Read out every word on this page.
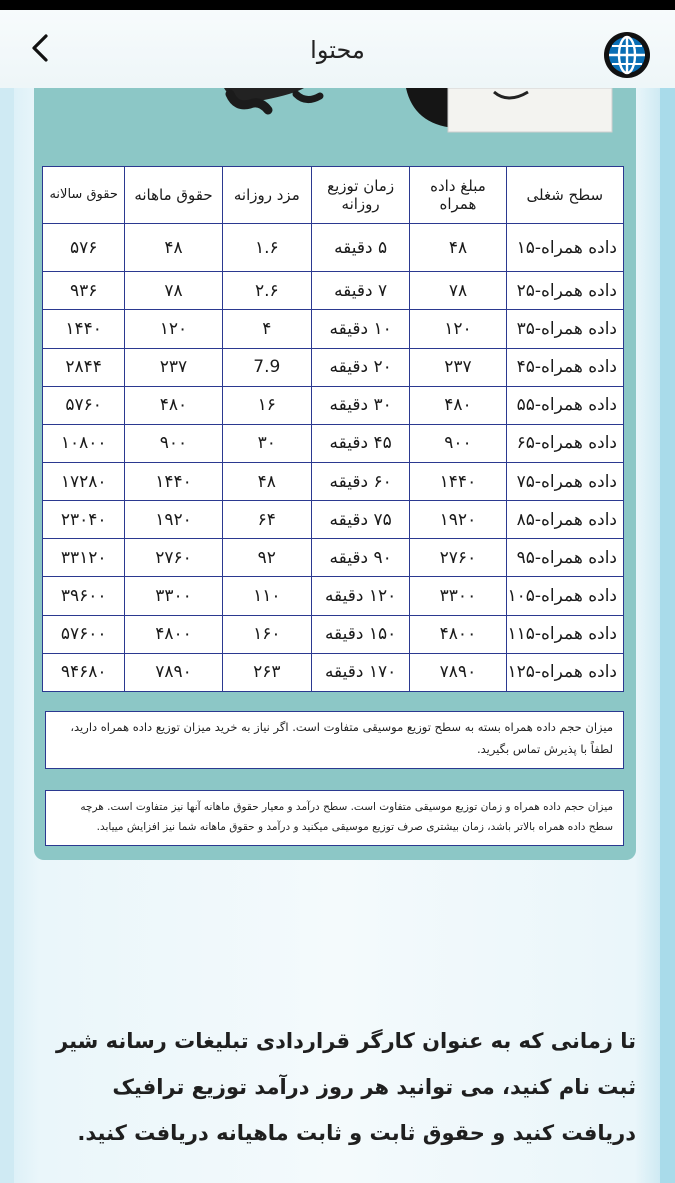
محتوا
سطح شغلی	مبلغ داده همراه	زمان توزیع روزانه	مزد روزانه	حقوق ماهانه	حقوق سالانه
داده همراه-۱۵	۴۸	۵ دقیقه	۱.۶	۴۸	۵۷۶
داده همراه-۲۵	۷۸	۷ دقیقه	۲.۶	۷۸	۹۳۶
داده همراه-۳۵	۱۲۰	۱۰ دقیقه	۴	۱۲۰	۱۴۴۰
داده همراه-۴۵	۲۳۷	۲۰ دقیقه	7.9	۲۳۷	۲۸۴۴
داده همراه-۵۵	۴۸۰	۳۰ دقیقه	۱۶	۴۸۰	۵۷۶۰
داده همراه-۶۵	۹۰۰	۴۵ دقیقه	۳۰	۹۰۰	۱۰۸۰۰
داده همراه-۷۵	۱۴۴۰	۶۰ دقیقه	۴۸	۱۴۴۰	۱۷۲۸۰
داده همراه-۸۵	۱۹۲۰	۷۵ دقیقه	۶۴	۱۹۲۰	۲۳۰۴۰
داده همراه-۹۵	۲۷۶۰	۹۰ دقیقه	۹۲	۲۷۶۰	۳۳۱۲۰
داده همراه-۱۰۵	۳۳۰۰	۱۲۰ دقیقه	۱۱۰	۳۳۰۰	۳۹۶۰۰
داده همراه-۱۱۵	۴۸۰۰	۱۵۰ دقیقه	۱۶۰	۴۸۰۰	۵۷۶۰۰
داده همراه-۱۲۵	۷۸۹۰	۱۷۰ دقیقه	۲۶۳	۷۸۹۰	۹۴۶۸۰
میزان حجم داده همراه بسته به سطح توزیع موسیقی متفاوت است. اگر نیاز به خرید میزان توزیع داده همراه دارید، لطفاً با پذیرش تماس بگیرید.
میزان حجم داده همراه و زمان توزیع موسیقی متفاوت است. سطح درآمد و معیار حقوق ماهانه آنها نیز متفاوت است. هرچه سطح داده همراه بالاتر باشد، زمان بیشتری صرف توزیع موسیقی میکنید و درآمد و حقوق ماهانه شما نیز افزایش مییابد.
تا زمانی که به عنوان کارگر قراردادی تبلیغات رسانه شیر ثبت نام کنید، می توانید هر روز درآمد توزیع ترافیک دریافت کنید و حقوق ثابت و ثابت ماهیانه دریافت کنید.
